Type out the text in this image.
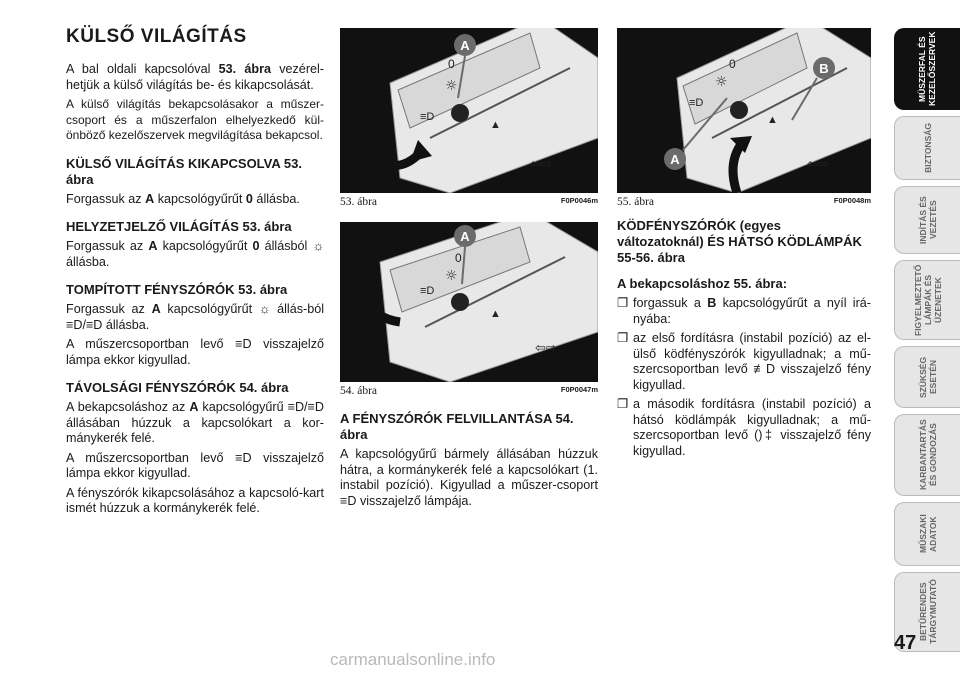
KÜLSŐ VILÁGÍTÁS

A bal oldali kapcsolóval 53. ábra vezérel-hetjük a külső világítás be- és kikapcsolását.

A külső világítás bekapcsolásakor a műszer-csoport és a műszerfalon elhelyezkedő kül-önböző kezelőszervek megvilágítása bekapcsol.

KÜLSŐ VILÁGÍTÁS KIKAPCSOLVA 53. ábra

Forgassuk az A kapcsológyűrűt 0 állásba.

HELYZETJELZŐ VILÁGÍTÁS 53. ábra

Forgassuk az A kapcsológyűrűt 0 állásból ☼ állásba.

TOMPÍTOTT FÉNYSZÓRÓK 53. ábra

Forgassuk az A kapcsológyűrűt ☼ állás-ból ≡D/≡D állásba.

A műszercsoportban levő ≡D visszajelző lámpa ekkor kigyullad.

TÁVOLSÁGI FÉNYSZÓRÓK 54. ábra

A bekapcsoláshoz az A kapcsológyűrű ≡D/≡D állásában húzzuk a kapcsolókart a kor-mánykerék felé.

A műszercsoportban levő ≡D visszajelző lámpa ekkor kigyullad.

A fényszórók kikapcsolásához a kapcsoló-kart ismét húzzuk a kormánykerék felé.

☼
0
≡D
▲
⇦⇨
A
53. ábra	F0P0046m
☼
0
≡D
▲
⇦⇨
A
54. ábra	F0P0047m
A FÉNYSZÓRÓK FELVILLANTÁSA 54. ábra

A kapcsológyűrű bármely állásában húzzuk hátra, a kormánykerék felé a kapcsolókart (1. instabil pozíció). Kigyullad a műszer-csoport ≡D visszajelző lámpája.

☼
0
≡D
▲
⇦⇨
B
A
55. ábra	F0P0048m
KÖDFÉNYSZÓRÓK (egyes változatoknál) ÉS HÁTSÓ KÖDLÁMPÁK 55-56. ábra
A bekapcsoláshoz 55. ábra:
❐ forgassuk a B kapcsológyűrűt a nyíl irá-nyába:
❐ az első fordításra (instabil pozíció) az el-ülső ködfényszórók kigyulladnak; a mű-szercsoportban levő ≢D visszajelző fény kigyullad.
❐ a második fordításra (instabil pozíció) a hátsó ködlámpák kigyulladnak; a mű-szercsoportban levő ()‡ visszajelző fény kigyullad.
MÜSZERFAL ÉS KEZELŐSZERVEK
BIZTONSÁG
INDÍTÁS ÉS VEZETÉS
FIGYELMEZTETŐ LÁMPÁK ÉS ÜZENETEK
SZÜKSÉG ESETÉN
KARBANTARTÁS ÉS GONDOZÁS
MŰSZAKI ADATOK
BETŰRENDES TÁRGYMUTATÓ
47
carmanualsonline.info
